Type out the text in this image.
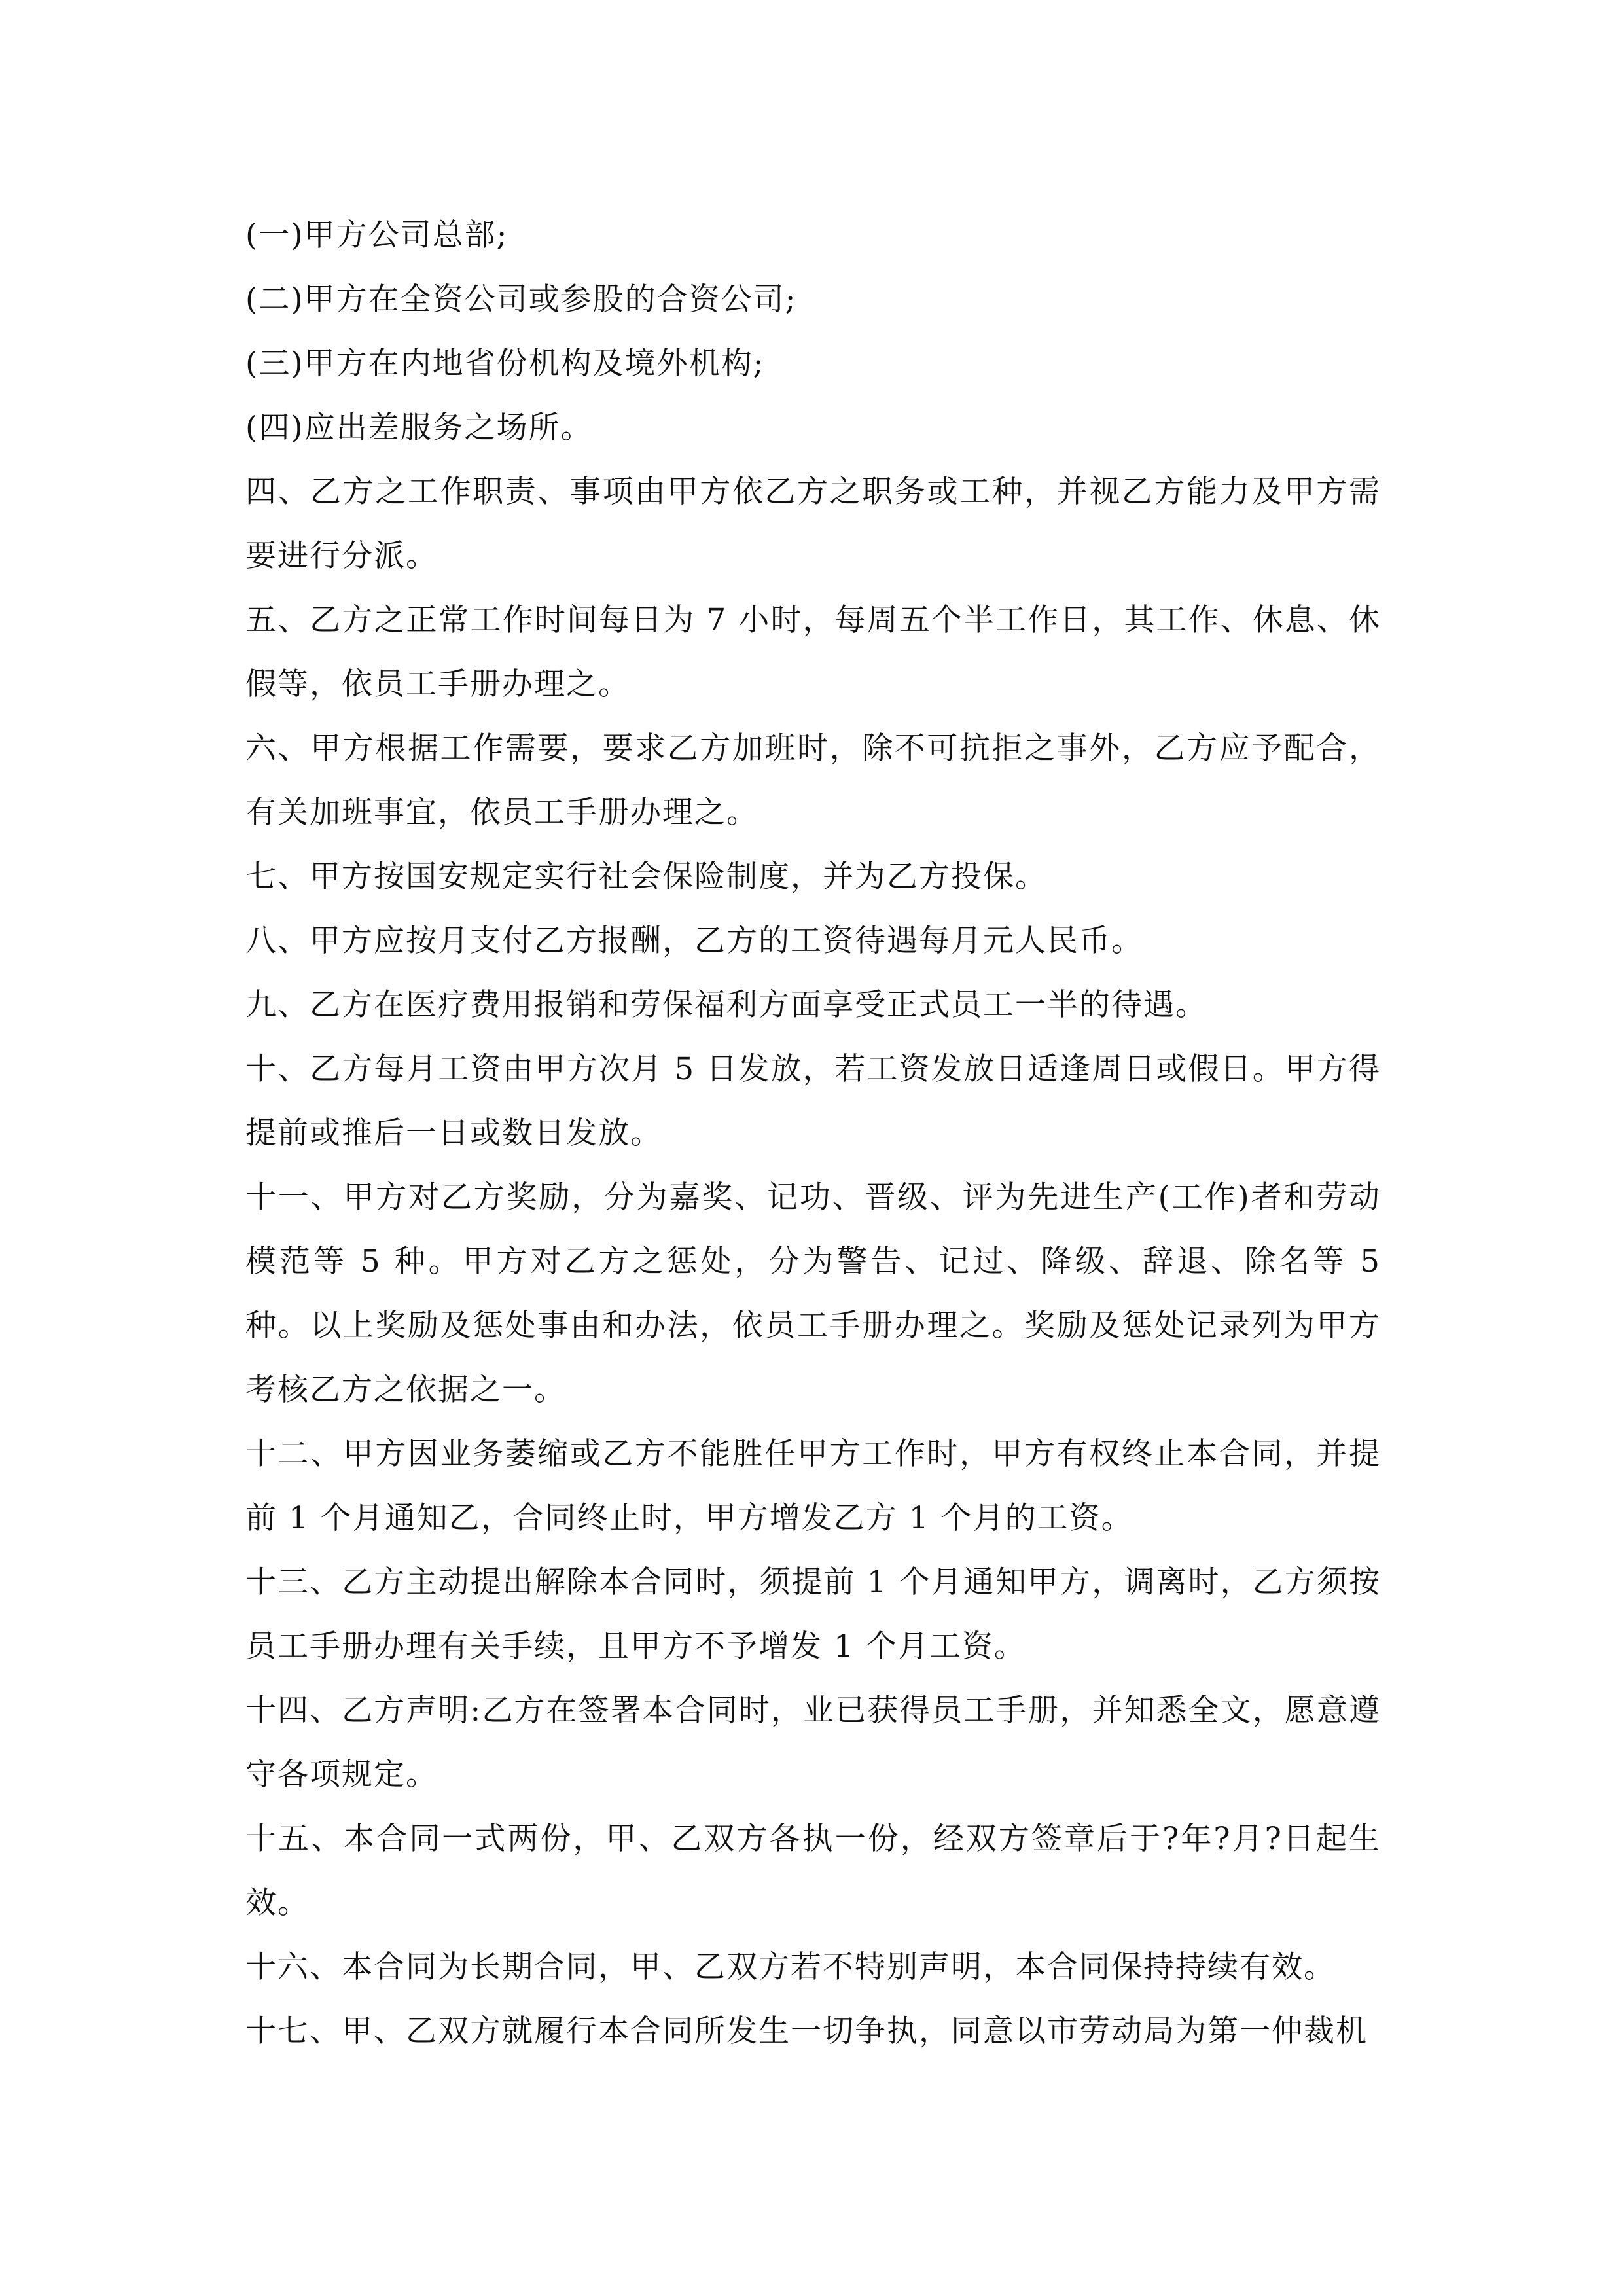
(一)甲方公司总部;

(二)甲方在全资公司或参股的合资公司;

(三)甲方在内地省份机构及境外机构;

(四)应出差服务之场所。

四、乙方之工作职责、事项由甲方依乙方之职务或工种，并视乙方能力及甲方需要进行分派。

五、乙方之正常工作时间每日为 7 小时，每周五个半工作日，其工作、休息、休假等，依员工手册办理之。

六、甲方根据工作需要，要求乙方加班时，除不可抗拒之事外，乙方应予配合，有关加班事宜，依员工手册办理之。

七、甲方按国安规定实行社会保险制度，并为乙方投保。

八、甲方应按月支付乙方报酬，乙方的工资待遇每月元人民币。

九、乙方在医疗费用报销和劳保福利方面享受正式员工一半的待遇。

十、乙方每月工资由甲方次月 5 日发放，若工资发放日适逢周日或假日。甲方得提前或推后一日或数日发放。

十一、甲方对乙方奖励，分为嘉奖、记功、晋级、评为先进生产(工作)者和劳动模范等 5 种。甲方对乙方之惩处，分为警告、记过、降级、辞退、除名等 5 种。以上奖励及惩处事由和办法，依员工手册办理之。奖励及惩处记录列为甲方考核乙方之依据之一。

十二、甲方因业务萎缩或乙方不能胜任甲方工作时，甲方有权终止本合同，并提前 1 个月通知乙，合同终止时，甲方增发乙方 1 个月的工资。

十三、乙方主动提出解除本合同时，须提前 1 个月通知甲方，调离时，乙方须按员工手册办理有关手续，且甲方不予增发 1 个月工资。

十四、乙方声明:乙方在签署本合同时，业已获得员工手册，并知悉全文，愿意遵守各项规定。

十五、本合同一式两份，甲、乙双方各执一份，经双方签章后于?年?月?日起生效。

十六、本合同为长期合同，甲、乙双方若不特别声明，本合同保持持续有效。

十七、甲、乙双方就履行本合同所发生一切争执，同意以市劳动局为第一仲裁机
